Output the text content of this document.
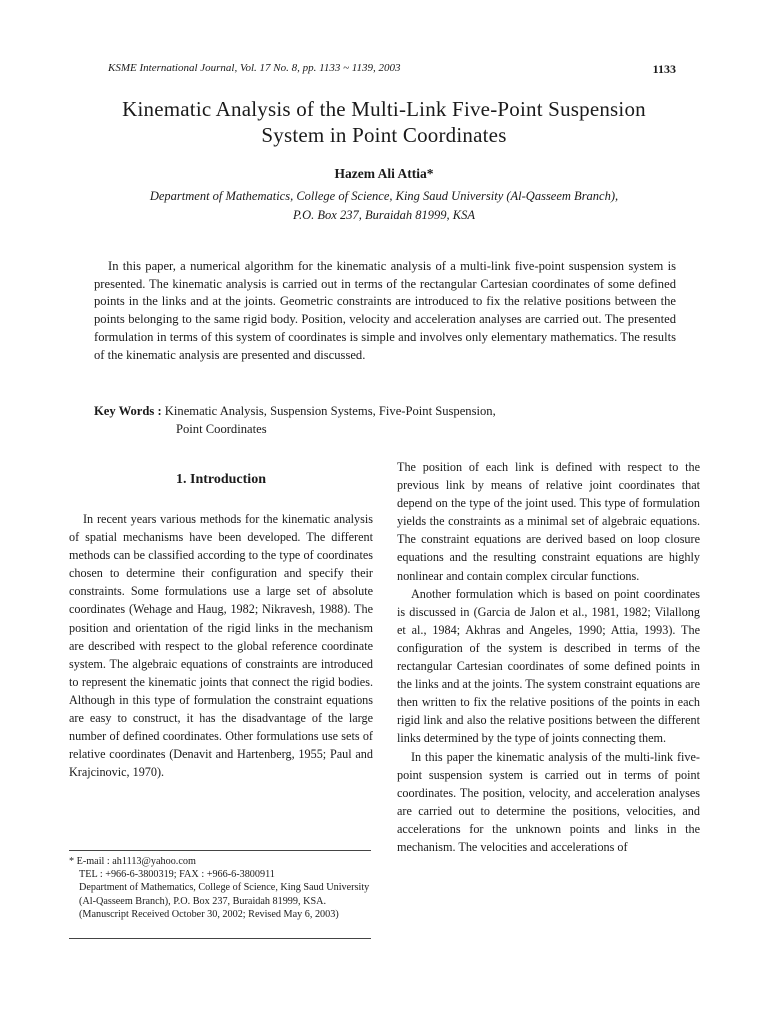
KSME International Journal, Vol. 17 No. 8, pp. 1133 ~ 1139, 2003	1133
Kinematic Analysis of the Multi-Link Five-Point Suspension
System in Point Coordinates
Hazem Ali Attia*
Department of Mathematics, College of Science, King Saud University (Al-Qasseem Branch),
P.O. Box 237, Buraidah 81999, KSA

In this paper, a numerical algorithm for the kinematic analysis of a multi-link five-point suspension system is presented. The kinematic analysis is carried out in terms of the rectangular Cartesian coordinates of some defined points in the links and at the joints. Geometric constraints are introduced to fix the relative positions between the points belonging to the same rigid body. Position, velocity and acceleration analyses are carried out. The presented formulation in terms of this system of coordinates is simple and involves only elementary mathematics. The results of the kinematic analysis are presented and discussed.

Key Words : Kinematic Analysis, Suspension Systems, Five-Point Suspension,
Point Coordinates
1. Introduction

In recent years various methods for the kinematic analysis of spatial mechanisms have been developed. The different methods can be classified according to the type of coordinates chosen to determine their configuration and specify their constraints. Some formulations use a large set of absolute coordinates (Wehage and Haug, 1982; Nikravesh, 1988). The position and orientation of the rigid links in the mechanism are described with respect to the global reference coordinate system. The algebraic equations of constraints are introduced to represent the kinematic joints that connect the rigid bodies. Although in this type of formulation the constraint equations are easy to construct, it has the disadvantage of the large number of defined coordinates. Other formulations use sets of relative coordinates (Denavit and Hartenberg, 1955; Paul and Krajcinovic, 1970).

The position of each link is defined with respect to the previous link by means of relative joint coordinates that depend on the type of the joint used. This type of formulation yields the constraints as a minimal set of algebraic equations. The constraint equations are derived based on loop closure equations and the resulting constraint equations are highly nonlinear and contain complex circular functions.

Another formulation which is based on point coordinates is discussed in (Garcia de Jalon et al., 1981, 1982; Vilallong et al., 1984; Akhras and Angeles, 1990; Attia, 1993). The configuration of the system is described in terms of the rectangular Cartesian coordinates of some defined points in the links and at the joints. The system constraint equations are then written to fix the relative positions of the points in each rigid link and also the relative positions between the different links determined by the type of joints connecting them.

In this paper the kinematic analysis of the multi-link five-point suspension system is carried out in terms of point coordinates. The position, velocity, and acceleration analyses are carried out to determine the positions, velocities, and accelerations for the unknown points and links in the mechanism. The velocities and accelerations of

* E-mail : ah1113@yahoo.com

TEL : +966-6-3800319; FAX : +966-6-3800911

Department of Mathematics, College of Science, King Saud University (Al-Qasseem Branch), P.O. Box 237, Buraidah 81999, KSA. (Manuscript Received October 30, 2002; Revised May 6, 2003)
